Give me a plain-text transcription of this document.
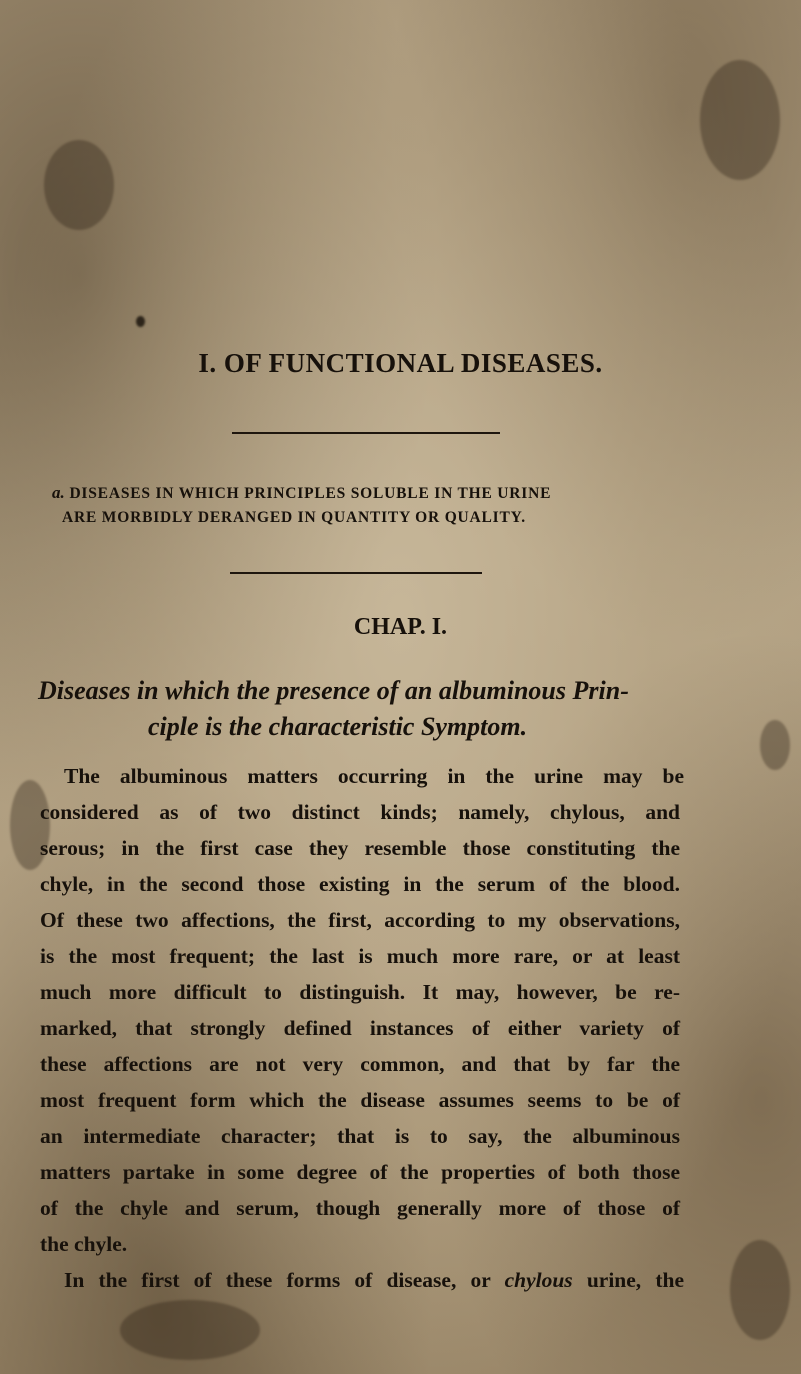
I. OF FUNCTIONAL DISEASES.
a. DISEASES IN WHICH PRINCIPLES SOLUBLE IN THE URINE
ARE MORBIDLY DERANGED IN QUANTITY OR QUALITY.
CHAP. I.
Diseases in which the presence of an albuminous Prin-
ciple is the characteristic Symptom.
The albuminous matters occurring in the urine may be
considered as of two distinct kinds; namely, chylous, and
serous; in the first case they resemble those constituting the
chyle, in the second those existing in the serum of the blood.
Of these two affections, the first, according to my observations,
is the most frequent; the last is much more rare, or at least
much more difficult to distinguish. It may, however, be re-
marked, that strongly defined instances of either variety of
these affections are not very common, and that by far the
most frequent form which the disease assumes seems to be of
an intermediate character; that is to say, the albuminous
matters partake in some degree of the properties of both those
of the chyle and serum, though generally more of those of
the chyle.
In the first of these forms of disease, or chylous urine, the
